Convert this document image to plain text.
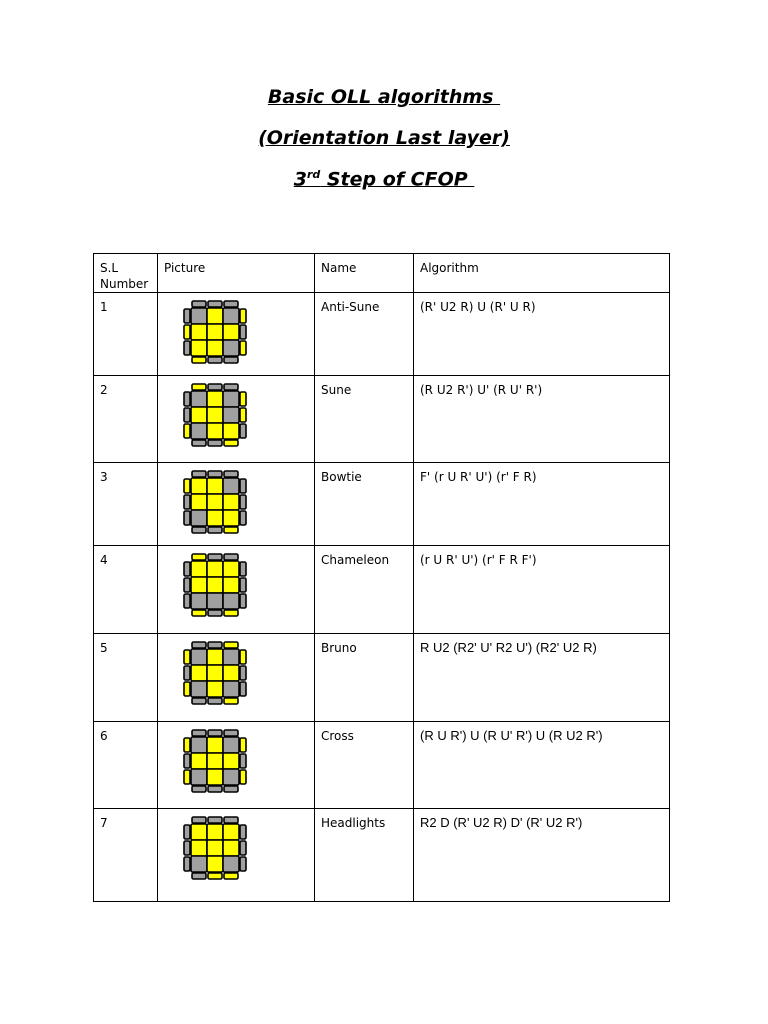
Basic OLL algorithms
(Orientation Last layer)
3rd Step of CFOP
S.L Number	Picture	Name	Algorithm
1		Anti-Sune	(R' U2 R) U (R' U R)
2		Sune	(R U2 R') U' (R U' R')
3		Bowtie	F' (r U R' U') (r' F R)
4		Chameleon	(r U R' U') (r' F R F')
5		Bruno	R U2 (R2' U' R2 U') (R2' U2 R)
6		Cross	(R U R') U (R U' R') U (R U2 R')
7		Headlights	R2 D (R' U2 R) D' (R' U2 R')
